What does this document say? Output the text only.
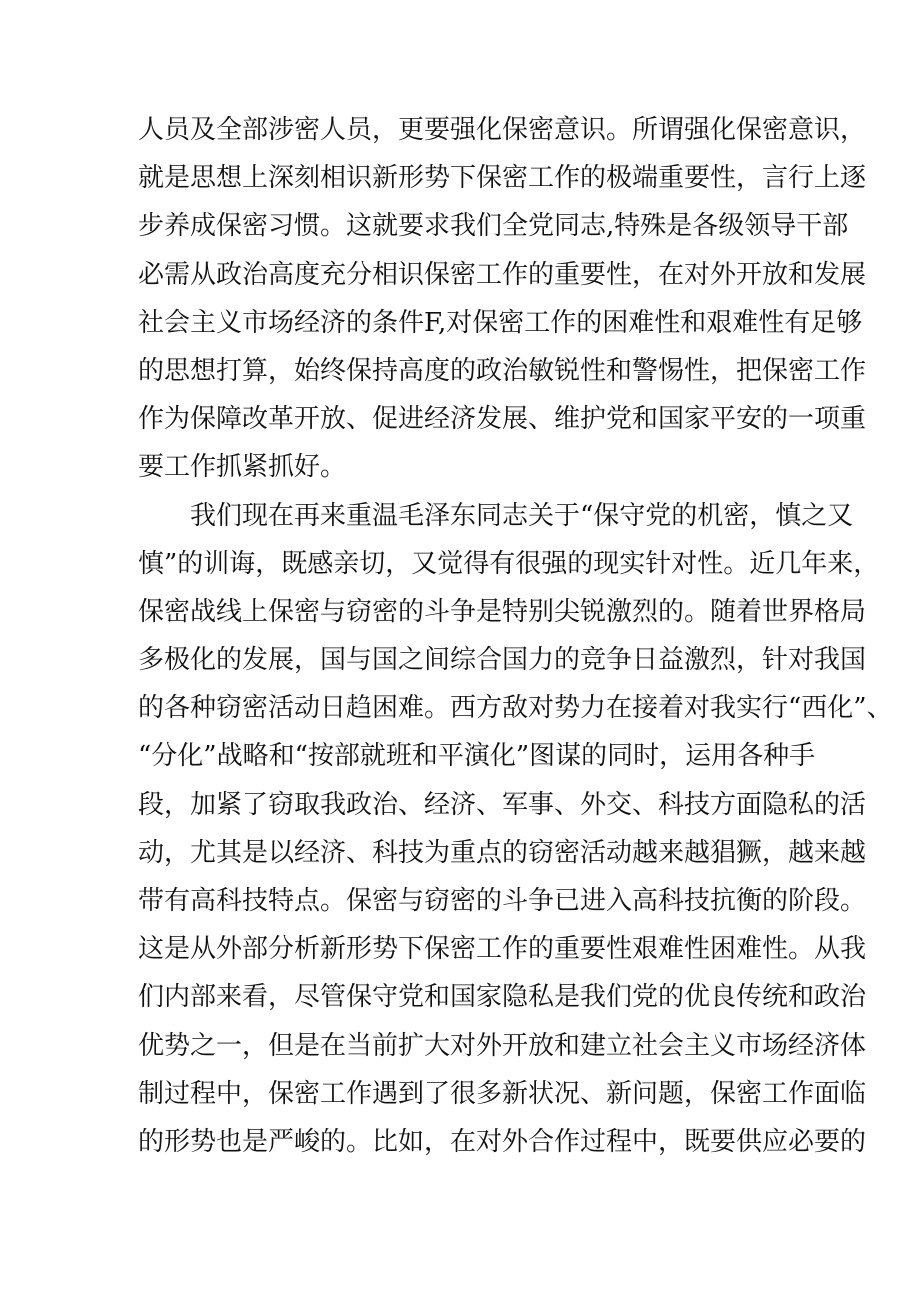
人员及全部涉密人员，更要强化保密意识。所谓强化保密意识，
就是思想上深刻相识新形势下保密工作的极端重要性，言行上逐
步养成保密习惯。这就要求我们全党同志,特殊是各级领导干部
必需从政治高度充分相识保密工作的重要性，在对外开放和发展
社会主义市场经济的条件F,对保密工作的困难性和艰难性有足够
的思想打算，始终保持高度的政治敏锐性和警惕性，把保密工作
作为保障改革开放、促进经济发展、维护党和国家平安的一项重
要工作抓紧抓好。
我们现在再来重温毛泽东同志关于“保守党的机密，慎之又
慎”的训诲，既感亲切，又觉得有很强的现实针对性。近几年来，
保密战线上保密与窃密的斗争是特别尖锐激烈的。随着世界格局
多极化的发展，国与国之间综合国力的竞争日益激烈，针对我国
的各种窃密活动日趋困难。西方敌对势力在接着对我实行“西化”、
“分化”战略和“按部就班和平演化”图谋的同时，运用各种手
段，加紧了窃取我政治、经济、军事、外交、科技方面隐私的活
动，尤其是以经济、科技为重点的窃密活动越来越猖獗，越来越
带有高科技特点。保密与窃密的斗争已进入高科技抗衡的阶段。
这是从外部分析新形势下保密工作的重要性艰难性困难性。从我
们内部来看，尽管保守党和国家隐私是我们党的优良传统和政治
优势之一，但是在当前扩大对外开放和建立社会主义市场经济体
制过程中，保密工作遇到了很多新状况、新问题，保密工作面临
的形势也是严峻的。比如，在对外合作过程中，既要供应必要的
